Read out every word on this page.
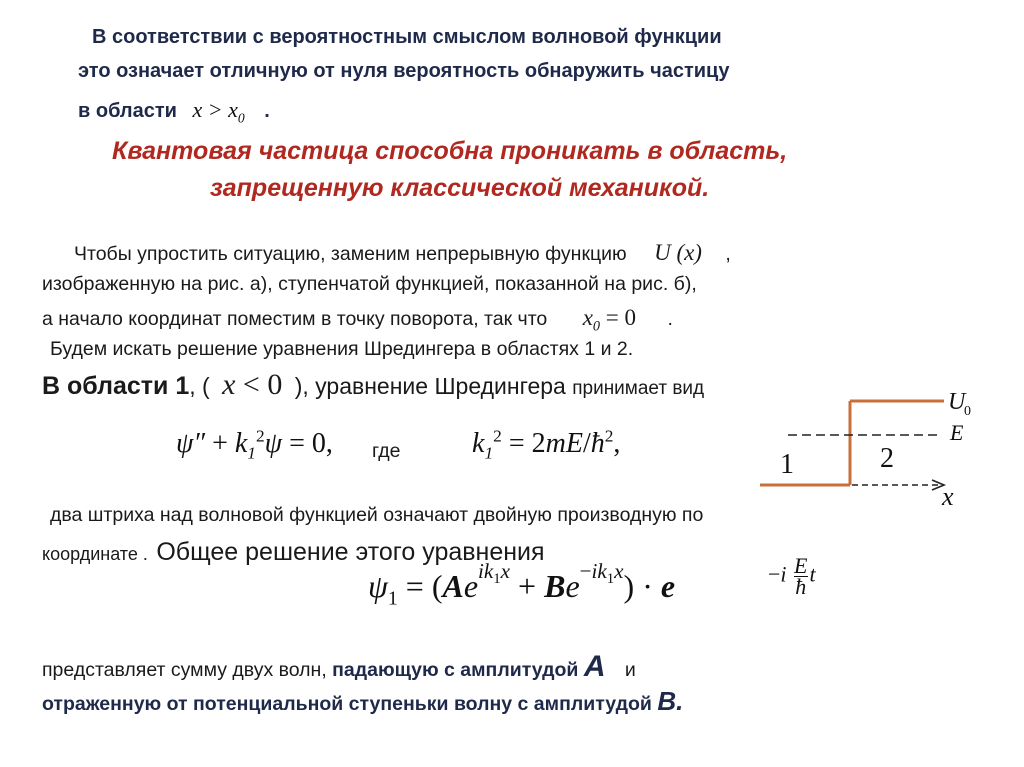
В соответствии с вероятностным смыслом волновой функции
это означает отличную от нуля вероятность обнаружить частицу
в области $x > x_0$ .
Квантовая частица способна проникать в область,
запрещенную классической механикой.
Чтобы упростить ситуацию, заменим непрерывную функцию U (x) ,
изображенную на рис. а), ступенчатой функцией, показанной на рис. б),
а начало координат поместим в точку поворота, так что $x_0 = 0$ .
Будем искать решение уравнения Шредингера в областях 1 и 2.
В области 1, ( x < 0 ), уравнение Шредингера принимает вид
$\psi'' + k_1^2\psi = 0$, где	$k_1^2$ = $2mE/ħ^2$,
U
0
E
1	2
x
два штриха над волновой функцией означают двойную производную по
координате . Общее решение этого уравнения
$\psi_1 = (Ae^{ik_1x} + Be^{-ik_1x}) \cdot e$	$-i \frac{E}{ħ}$ t
представляет сумму двух волн, падающую с амплитудой A и
отраженную от потенциальной ступеньки волну с амплитудой B.
